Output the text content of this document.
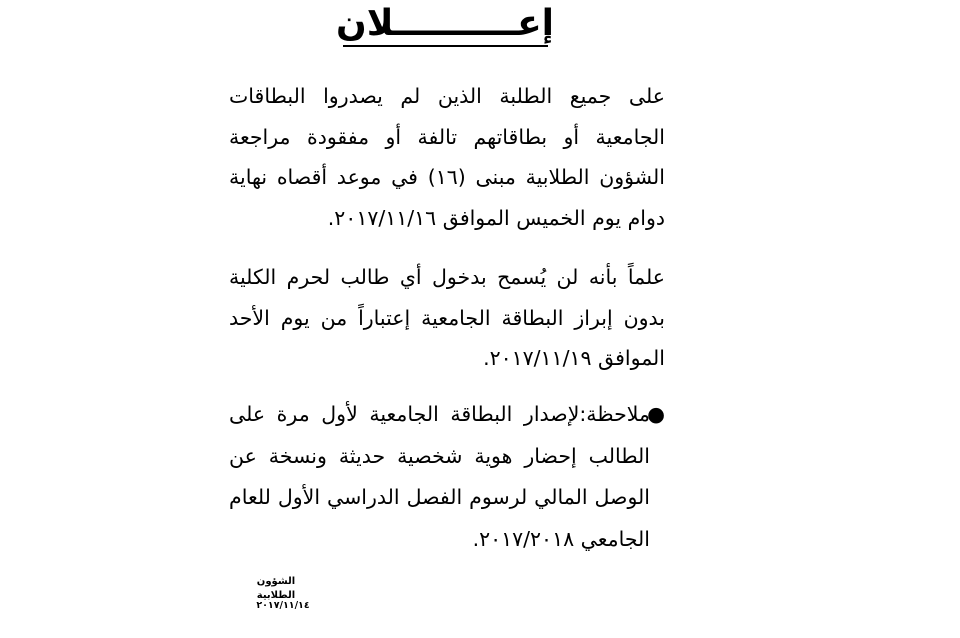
إعــــــــــلان

على جميع الطلبة الذين لم يصدروا البطاقات الجامعية أو بطاقاتهم تالفة أو مفقودة مراجعة الشؤون الطلابية مبنى (١٦) في موعد أقصاه نهاية دوام يوم الخميس الموافق ٢٠١٧/١١/١٦.

علماً بأنه لن يُسمح بدخول أي طالب لحرم الكلية بدون إبراز البطاقة الجامعية إعتباراً من يوم الأحد الموافق ٢٠١٧/١١/١٩.

●

ملاحظة:لإصدار البطاقة الجامعية لأول مرة على الطالب إحضار هوية شخصية حديثة ونسخة عن الوصل المالي لرسوم الفصل الدراسي الأول للعام الجامعي ٢٠١٧/٢٠١٨.

الشؤون الطلابية
٢٠١٧/١١/١٤
